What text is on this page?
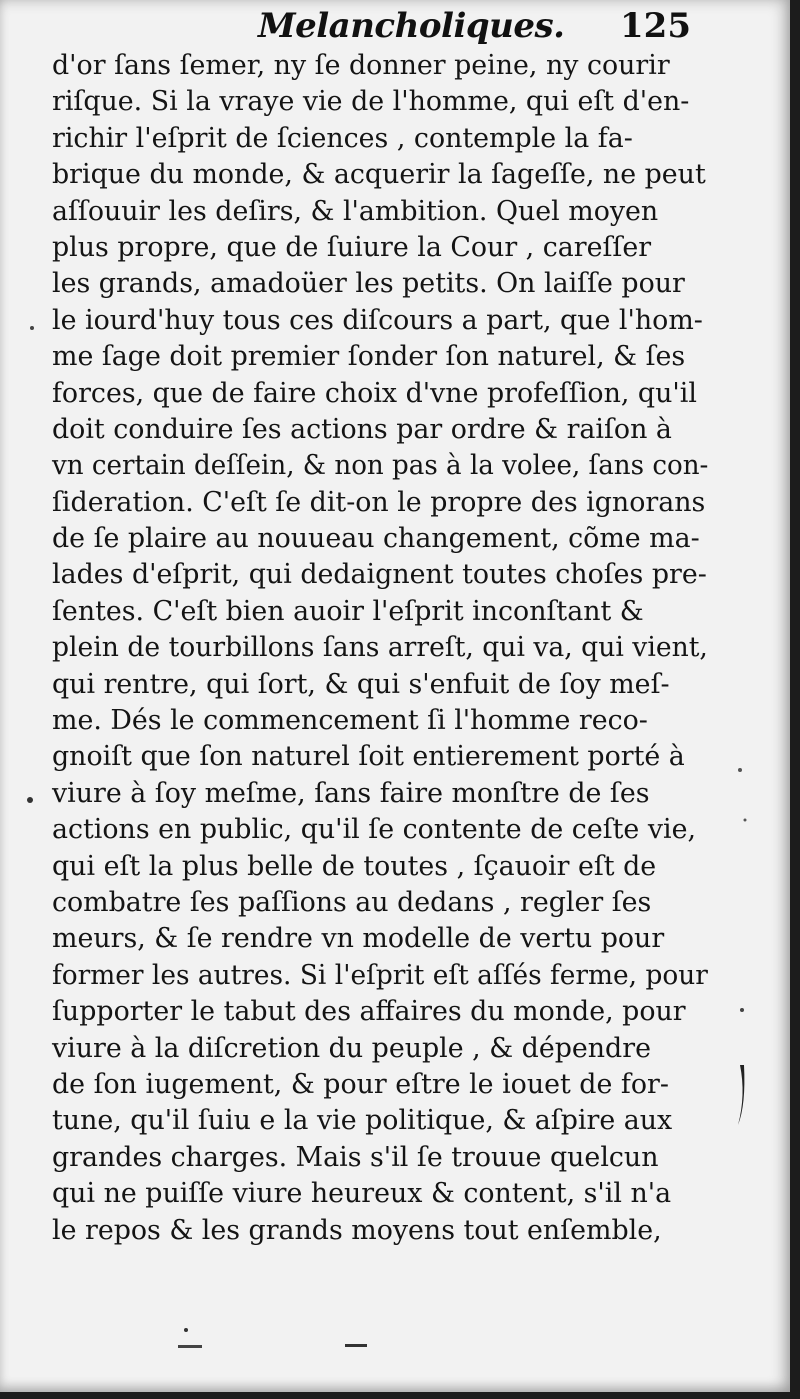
Melancholiques. 125
d'or ſans ſemer, ny ſe donner peine, ny courir
riſque. Si la vraye vie de l'homme, qui eſt d'en-
richir l'eſprit de ſciences , contemple la fa-
brique du monde, & acquerir la ſageſſe, ne peut
aſſouuir les deſirs, & l'ambition. Quel moyen
plus propre, que de ſuiure la Cour , careſſer
les grands, amadoüer les petits. On laiſſe pour
le iourd'huy tous ces diſcours a part, que l'hom-
me ſage doit premier ſonder ſon naturel, & ſes
forces, que de faire choix d'vne profeſſion, qu'il
doit conduire ſes actions par ordre & raiſon à
vn certain deſſein, & non pas à la volee, ſans con-
ſideration. C'eſt ſe dit-on le propre des ignorans
de ſe plaire au nouueau changement, cõme ma-
lades d'eſprit, qui dedaignent toutes choſes pre-
ſentes. C'eſt bien auoir l'eſprit inconſtant &
plein de tourbillons ſans arreſt, qui va, qui vient,
qui rentre, qui ſort, & qui s'enfuit de ſoy meſ-
me. Dés le commencement ſi l'homme reco-
gnoiſt que ſon naturel ſoit entierement porté à
viure à ſoy meſme, ſans faire monſtre de ſes
actions en public, qu'il ſe contente de ceſte vie,
qui eſt la plus belle de toutes , ſçauoir eſt de
combatre ſes paſſions au dedans , regler ſes
meurs, & ſe rendre vn modelle de vertu pour
former les autres. Si l'eſprit eſt aſſés ferme, pour
ſupporter le tabut des affaires du monde, pour
viure à la diſcretion du peuple , & dépendre
de ſon iugement, & pour eſtre le iouet de for-
tune, qu'il ſuiu e la vie politique, & aſpire aux
grandes charges. Mais s'il ſe trouue quelcun
qui ne puiſſe viure heureux & content, s'il n'a
le repos & les grands moyens tout enſemble,
